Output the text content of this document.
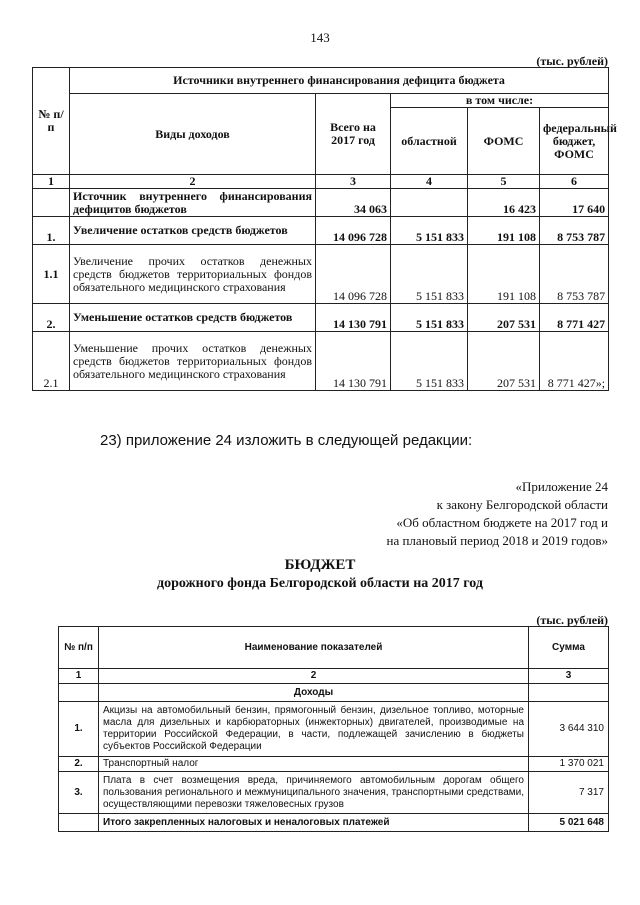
143
(тыс. рублей)
№ п/п	Источники внутреннего финансирования дефицита бюджета				
	Виды доходов	Всего на 2017 год	в том числе:		
			областной	ФОМС	федеральный бюджет, ФОМС
1	2	3	4	5	6
	Источник внутреннего финансирования дефицитов бюджетов	34 063		16 423	17 640
1.	Увеличение остатков средств бюджетов	14 096 728	5 151 833	191 108	8 753 787
1.1	Увеличение прочих остатков денежных средств бюджетов территориальных фондов обязательного медицинского страхования	14 096 728	5 151 833	191 108	8 753 787
2.	Уменьшение остатков средств бюджетов	14 130 791	5 151 833	207 531	8 771 427
2.1	Уменьшение прочих остатков денежных средств бюджетов территориальных фондов обязательного медицинского страхования	14 130 791	5 151 833	207 531	8 771 427»;
23) приложение 24 изложить в следующей редакции:
«Приложение 24
к закону Белгородской области
«Об областном бюджете на 2017 год и
на плановый период 2018 и 2019 годов»
БЮДЖЕТ
дорожного фонда Белгородской области на 2017 год
(тыс. рублей)
№ п/п	Наименование показателей	Сумма
1	2	3
	Доходы	
1.	Акцизы на автомобильный бензин, прямогонный бензин, дизельное топливо, моторные масла для дизельных и карбюраторных (инжекторных) двигателей, производимые на территории Российской Федерации, в части, подлежащей зачислению в бюджеты субъектов Российской Федерации	3 644 310
2.	Транспортный налог	1 370 021
3.	Плата в счет возмещения вреда, причиняемого автомобильным дорогам общего пользования регионального и межмуниципального значения, транспортными средствами, осуществляющими перевозки тяжеловесных грузов	7 317
	Итого закрепленных налоговых и неналоговых платежей	5 021 648
